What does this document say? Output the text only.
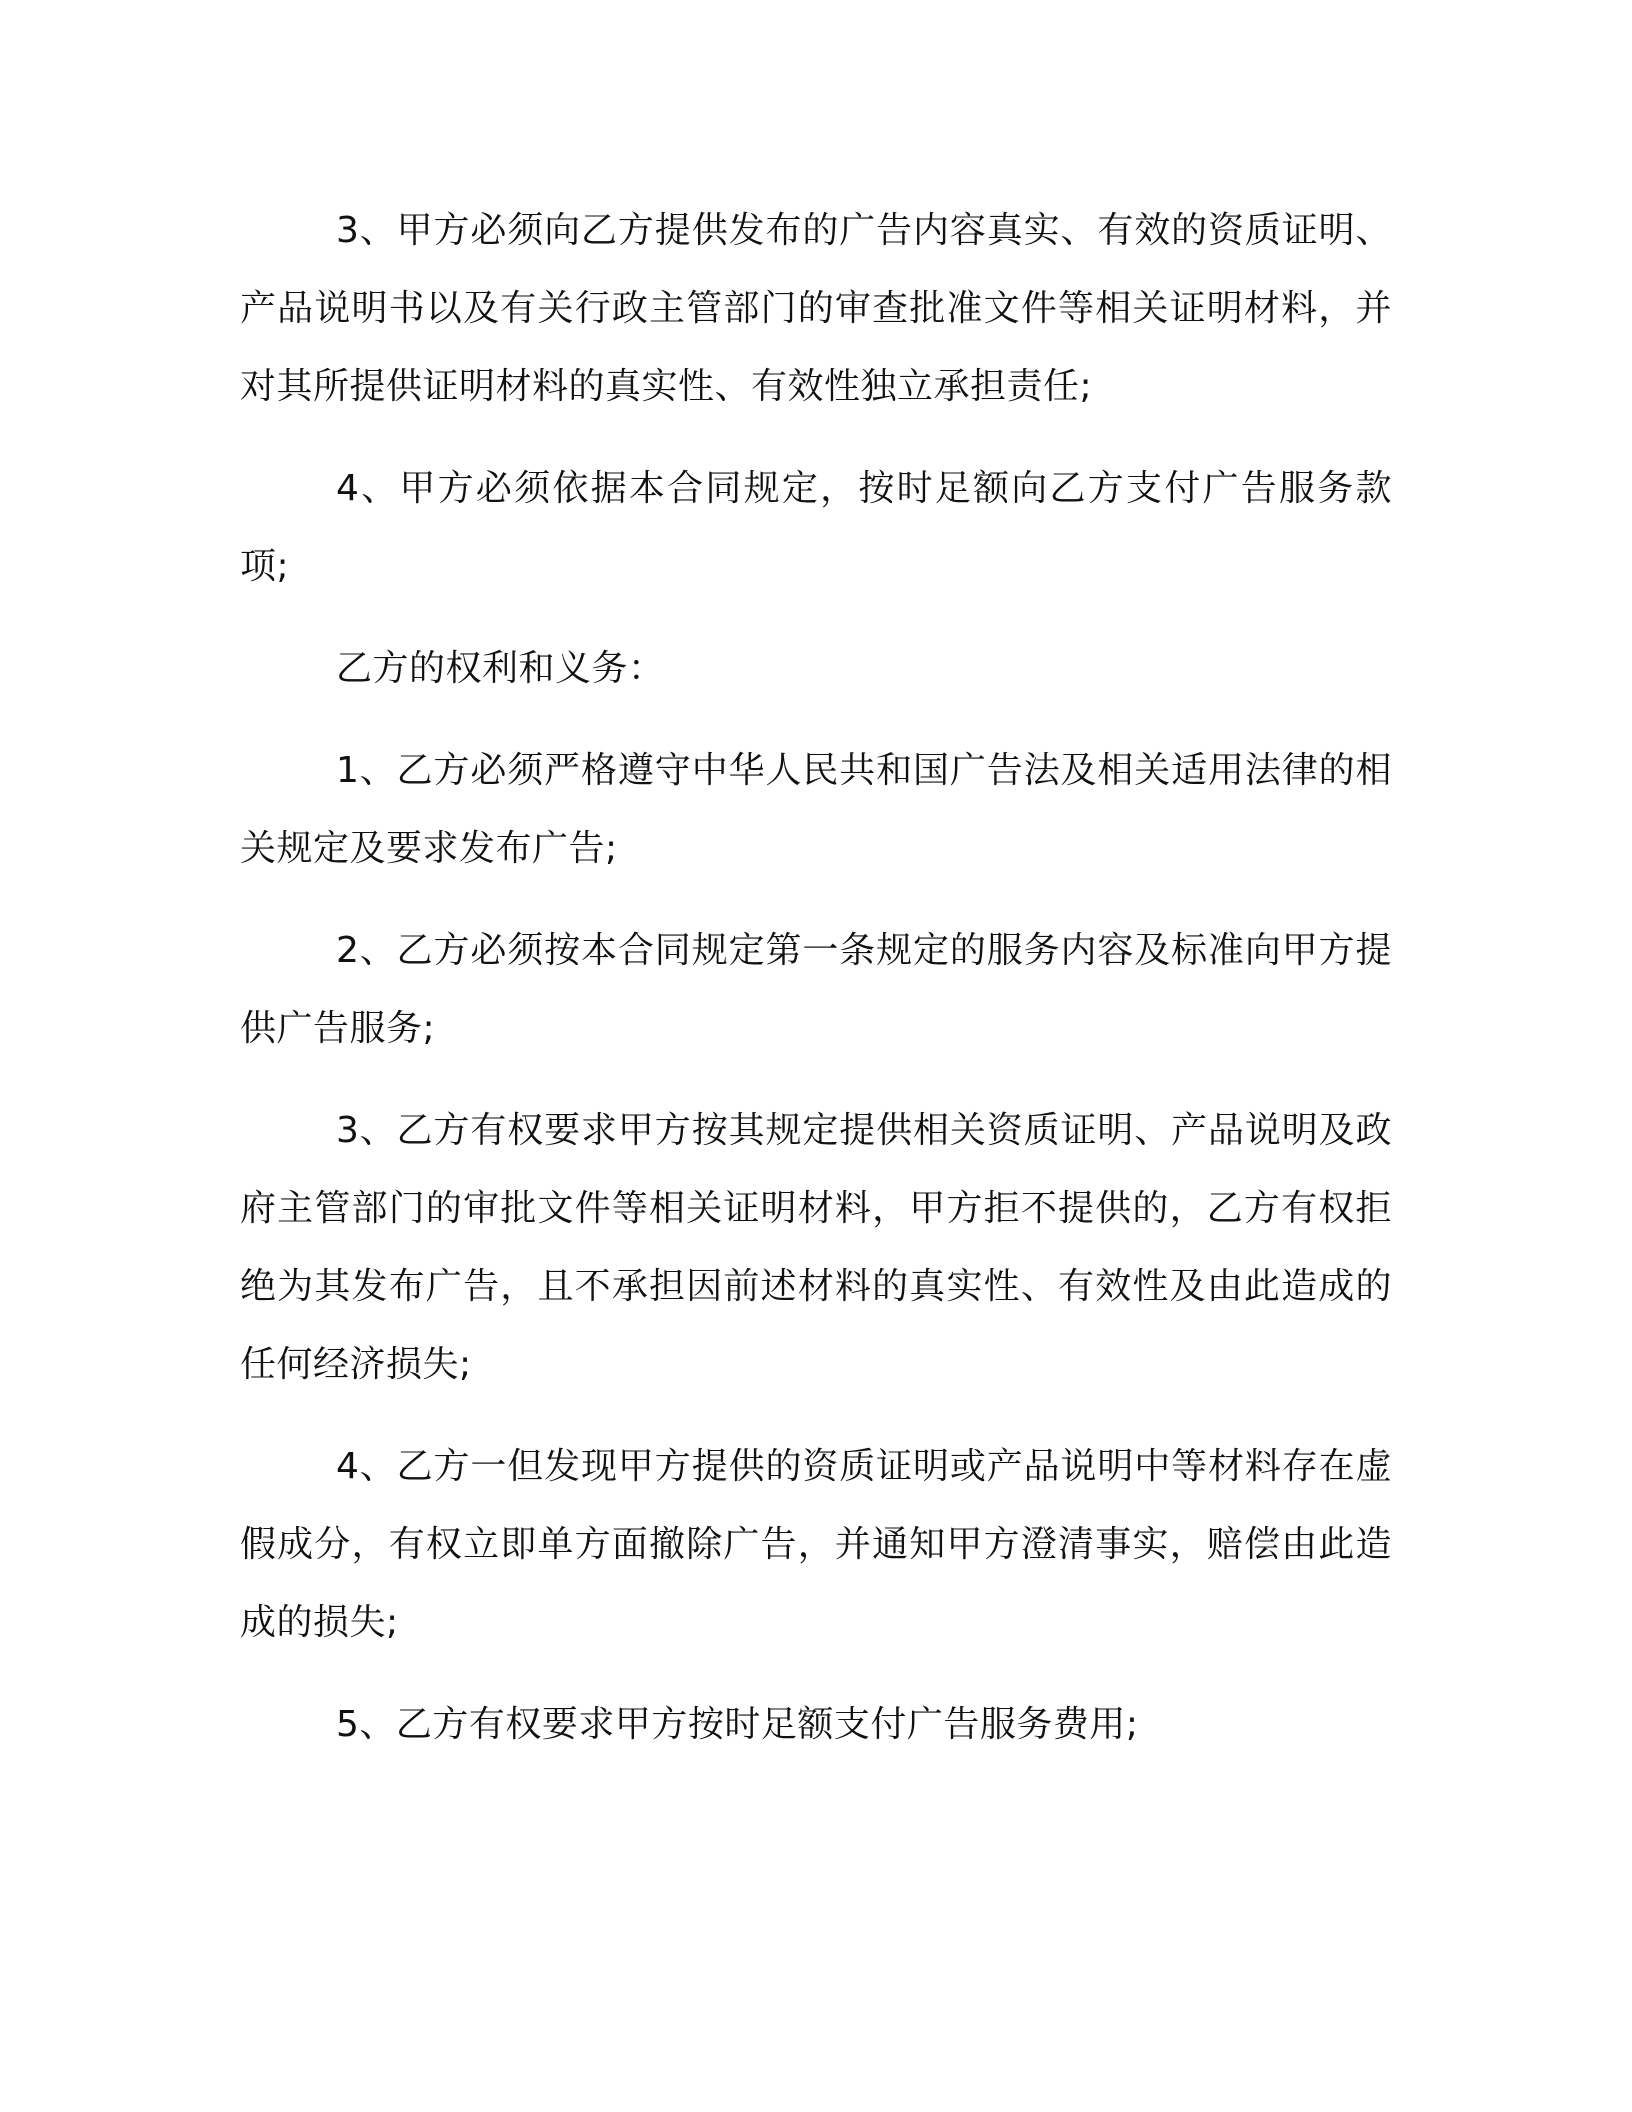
3、甲方必须向乙方提供发布的广告内容真实、有效的资质证明、产品说明书以及有关行政主管部门的审查批准文件等相关证明材料，并对其所提供证明材料的真实性、有效性独立承担责任;

4、甲方必须依据本合同规定，按时足额向乙方支付广告服务款项;

乙方的权利和义务：

1、乙方必须严格遵守中华人民共和国广告法及相关适用法律的相关规定及要求发布广告;

2、乙方必须按本合同规定第一条规定的服务内容及标准向甲方提供广告服务;

3、乙方有权要求甲方按其规定提供相关资质证明、产品说明及政府主管部门的审批文件等相关证明材料，甲方拒不提供的，乙方有权拒绝为其发布广告，且不承担因前述材料的真实性、有效性及由此造成的任何经济损失;

4、乙方一但发现甲方提供的资质证明或产品说明中等材料存在虚假成分，有权立即单方面撤除广告，并通知甲方澄清事实，赔偿由此造成的损失;

5、乙方有权要求甲方按时足额支付广告服务费用;
